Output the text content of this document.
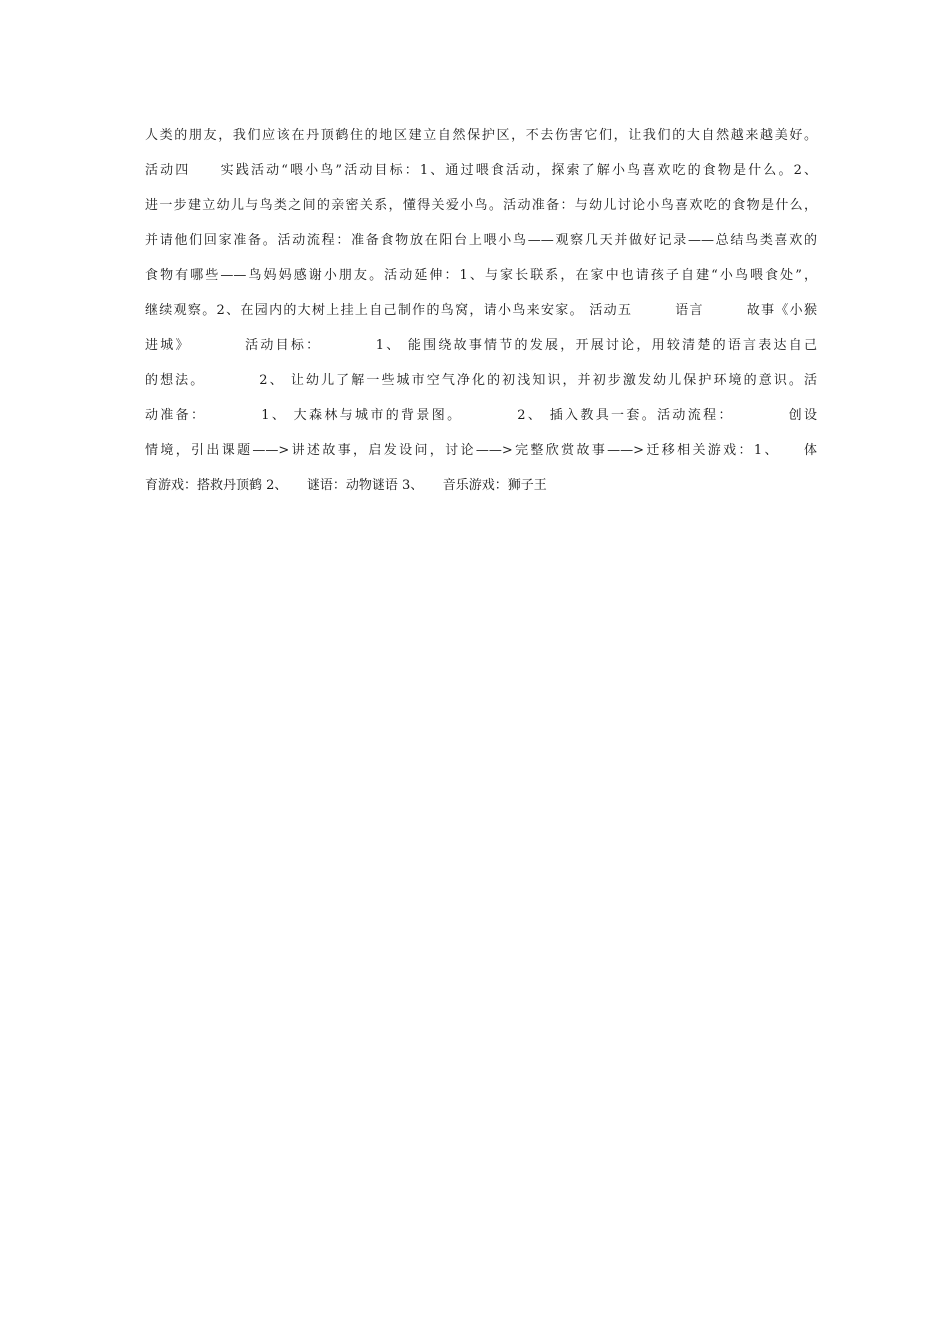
人类的朋友，我们应该在丹顶鹤住的地区建立自然保护区，不去伤害它们，让我们的大自然越来越美好。
活动四　　实践活动“喂小鸟”活动目标：1、通过喂食活动，探索了解小鸟喜欢吃的食物是什么。2、
进一步建立幼儿与鸟类之间的亲密关系，懂得关爱小鸟。活动准备：与幼儿讨论小鸟喜欢吃的食物是什么，
并请他们回家准备。活动流程：准备食物放在阳台上喂小鸟——观察几天并做好记录——总结鸟类喜欢的
食物有哪些——鸟妈妈感谢小朋友。活动延伸：1、与家长联系，在家中也请孩子自建“小鸟喂食处”，
继续观察。2、在园内的大树上挂上自己制作的鸟窝，请小鸟来安家。 活动五　　　语言　　　故事《小猴
进城》　　　　活动目标：　　　　1、 能围绕故事情节的发展，开展讨论，用较清楚的语言表达自己
的想法。　　　　2、 让幼儿了解一些城市空气净化的初浅知识，并初步激发幼儿保护环境的意识。活
动准备：　　　　1、 大森林与城市的背景图。　　　　2、 插入教具一套。活动流程：　　　　创设
情境，引出课题——>讲述故事，启发设问，讨论——>完整欣赏故事——>迁移相关游戏：1、　　体
育游戏：搭救丹顶鹤 2、　　谜语：动物谜语 3、　　音乐游戏：狮子王
